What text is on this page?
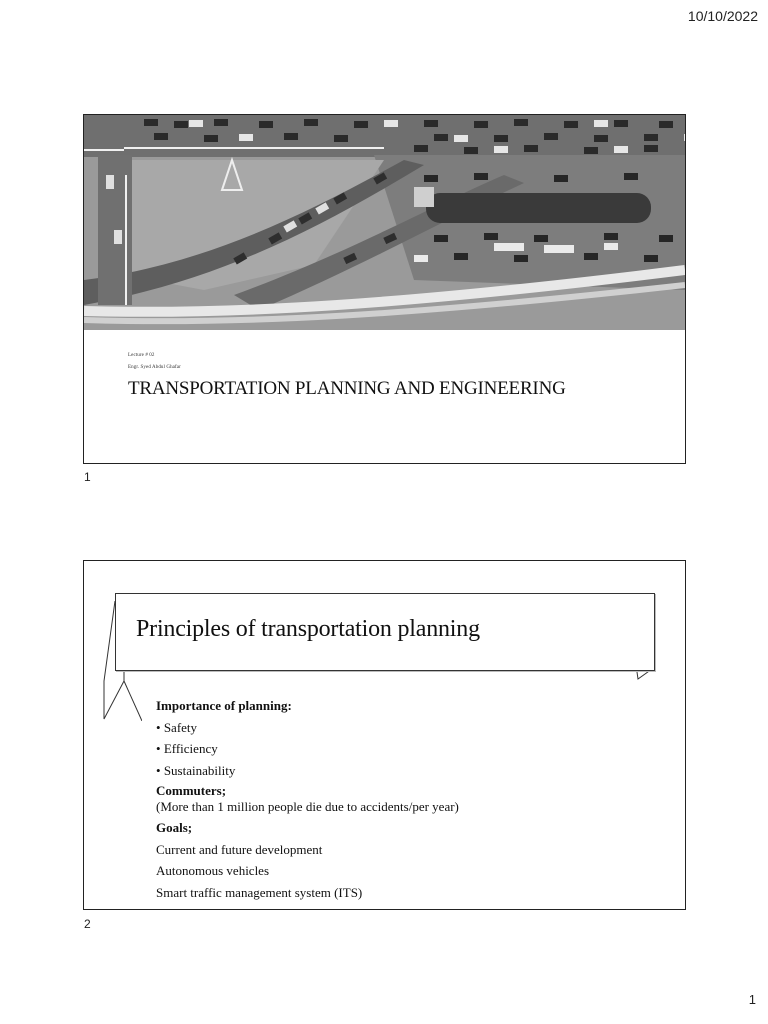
10/10/2022
Lecture # 02
Engr. Syed Abdul Ghafar
TRANSPORTATION PLANNING AND ENGINEERING
1
Principles of transportation planning
Importance of planning:
• Safety
• Efficiency
• Sustainability
Commuters;
(More than 1 million people die due to accidents/per year)
Goals;
Current and future development
Autonomous vehicles
Smart traffic management system (ITS)
2
1
